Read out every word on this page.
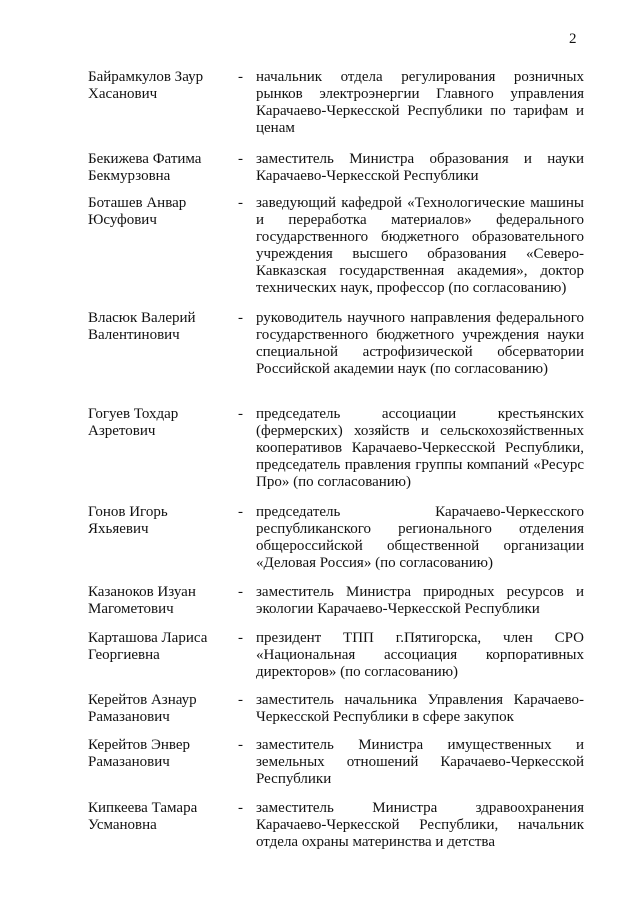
2
Байрамкулов Заур
Хасанович
- начальник отдела регулирования розничных рынков электроэнергии Главного управления Карачаево-Черкесской Республики по тарифам и ценам
Бекижева Фатима
Бекмурзовна
- заместитель Министра образования и науки Карачаево-Черкесской Республики
Боташев Анвар
Юсуфович
- заведующий кафедрой «Технологические машины и переработка материалов» федерального государственного бюджетного образовательного учреждения высшего образования «Северо-Кавказская государственная академия», доктор технических наук, профессор (по согласованию)
Власюк Валерий
Валентинович
- руководитель научного направления федерального государственного бюджетного учреждения науки специальной астрофизической обсерватории Российской академии наук (по согласованию)
Гогуев Тохдар
Азретович
- председатель ассоциации крестьянских (фермерских) хозяйств и сельскохозяйственных кооперативов Карачаево-Черкесской Республики, председатель правления группы компаний «Ресурс Про» (по согласованию)
Гонов Игорь
Яхьяевич
- председатель Карачаево-Черкесского республиканского регионального отделения общероссийской общественной организации «Деловая Россия» (по согласованию)
Казаноков Изуан
Магометович
- заместитель Министра природных ресурсов и экологии Карачаево-Черкесской Республики
Карташова Лариса
Георгиевна
- президент ТПП г.Пятигорска, член СРО «Национальная ассоциация корпоративных директоров» (по согласованию)
Керейтов Азнаур
Рамазанович
- заместитель начальника Управления Карачаево-Черкесской Республики в сфере закупок
Керейтов Энвер
Рамазанович
- заместитель Министра имущественных и земельных отношений Карачаево-Черкесской Республики
Кипкеева Тамара
Усмановна
- заместитель Министра здравоохранения Карачаево-Черкесской Республики, начальник отдела охраны материнства и детства
